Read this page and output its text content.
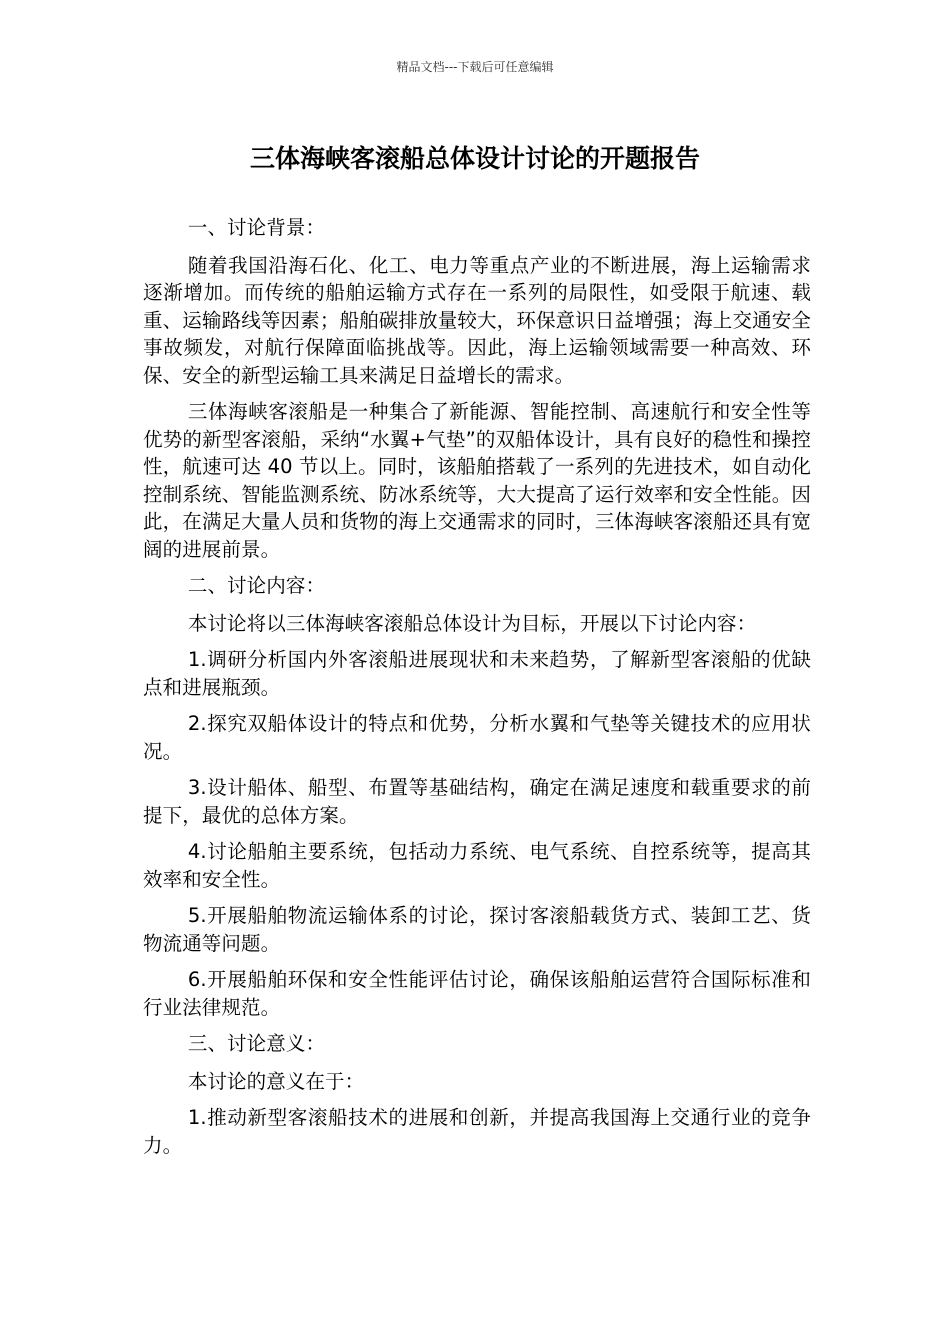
精品文档---下载后可任意编辑
三体海峡客滚船总体设计讨论的开题报告

一、讨论背景：

随着我国沿海石化、化工、电力等重点产业的不断进展，海上运输需求逐渐增加。而传统的船舶运输方式存在一系列的局限性，如受限于航速、载重、运输路线等因素；船舶碳排放量较大，环保意识日益增强；海上交通安全事故频发，对航行保障面临挑战等。因此，海上运输领域需要一种高效、环保、安全的新型运输工具来满足日益增长的需求。

三体海峡客滚船是一种集合了新能源、智能控制、高速航行和安全性等优势的新型客滚船，采纳“水翼+气垫”的双船体设计，具有良好的稳性和操控性，航速可达 40 节以上。同时，该船舶搭载了一系列的先进技术，如自动化控制系统、智能监测系统、防冰系统等，大大提高了运行效率和安全性能。因此，在满足大量人员和货物的海上交通需求的同时，三体海峡客滚船还具有宽阔的进展前景。

二、讨论内容：

本讨论将以三体海峡客滚船总体设计为目标，开展以下讨论内容：

1.调研分析国内外客滚船进展现状和未来趋势，了解新型客滚船的优缺点和进展瓶颈。

2.探究双船体设计的特点和优势，分析水翼和气垫等关键技术的应用状况。

3.设计船体、船型、布置等基础结构，确定在满足速度和载重要求的前提下，最优的总体方案。

4.讨论船舶主要系统，包括动力系统、电气系统、自控系统等，提高其效率和安全性。

5.开展船舶物流运输体系的讨论，探讨客滚船载货方式、装卸工艺、货物流通等问题。

6.开展船舶环保和安全性能评估讨论，确保该船舶运营符合国际标准和行业法律规范。

三、讨论意义：

本讨论的意义在于：

1.推动新型客滚船技术的进展和创新，并提高我国海上交通行业的竞争力。
